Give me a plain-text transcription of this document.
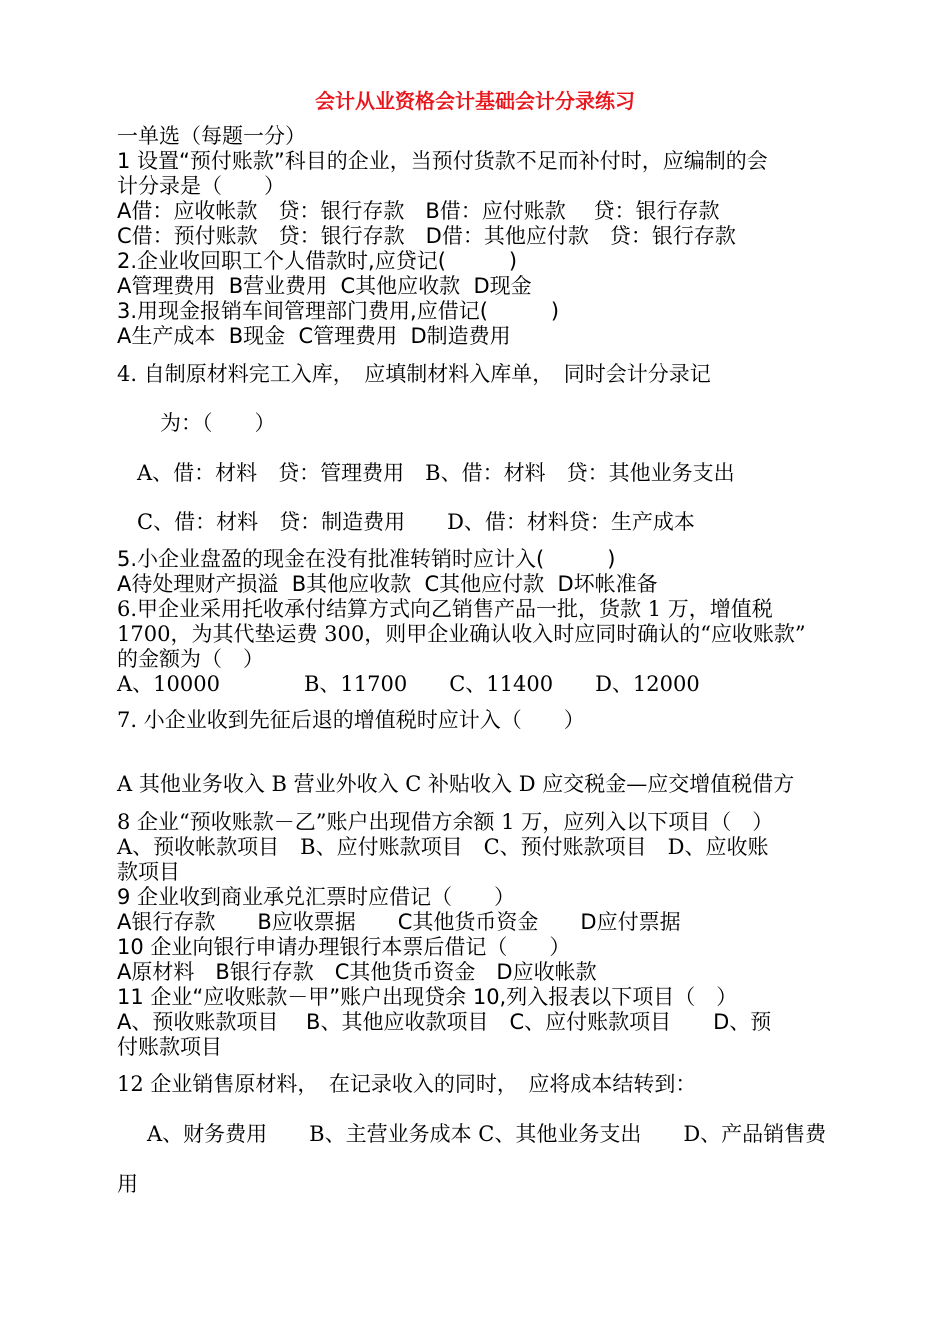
会计从业资格会计基础会计分录练习
一单选（每题一分）
1 设置“预付账款”科目的企业，当预付货款不足而补付时，应编制的会
计分录是（　　）
A借：应收帐款　贷：银行存款　B借：应付账款　 贷：银行存款
C借：预付账款　贷：银行存款　D借：其他应付款　贷：银行存款
2.企业收回职工个人借款时,应贷记(　　　)
A管理费用  B营业费用  C其他应收款  D现金
3.用现金报销车间管理部门费用,应借记(　　　)
A生产成本  B现金  C管理费用  D制造费用
4. 自制原材料完工入库，　应填制材料入库单，　同时会计分录记
为：（　　）
A、借：材料　贷：管理费用　B、借：材料　贷：其他业务支出
C、借：材料　贷：制造费用　　D、借：材料贷：生产成本
5.小企业盘盈的现金在没有批准转销时应计入(　　　)
A待处理财产损溢  B其他应收款  C其他应付款  D坏帐准备
6.甲企业采用托收承付结算方式向乙销售产品一批，货款 1 万，增值税
1700，为其代垫运费 300，则甲企业确认收入时应同时确认的“应收账款”
的金额为（　）
A、10000　　　　B、11700　　C、11400　　D、12000
7. 小企业收到先征后退的增值税时应计入（　　）
A 其他业务收入 B 营业外收入 C 补贴收入 D 应交税金—应交增值税借方
8 企业“预收账款－乙”账户出现借方余额 1 万，应列入以下项目（　）
A、预收帐款项目　B、应付账款项目　C、预付账款项目　D、应收账
款项目
9 企业收到商业承兑汇票时应借记（　　）
A银行存款　　B应收票据　　C其他货币资金　　D应付票据
10 企业向银行申请办理银行本票后借记（　　）
A原材料　B银行存款　C其他货币资金　D应收帐款
11 企业“应收账款－甲”账户出现贷余 10,列入报表以下项目（　）
A、预收账款项目　 B、其他应收款项目　C、应付账款项目　　D、预
付账款项目
12 企业销售原材料，　在记录收入的同时，　应将成本结转到：
A、财务费用　　B、主营业务成本 C、其他业务支出　　D、产品销售费
用
